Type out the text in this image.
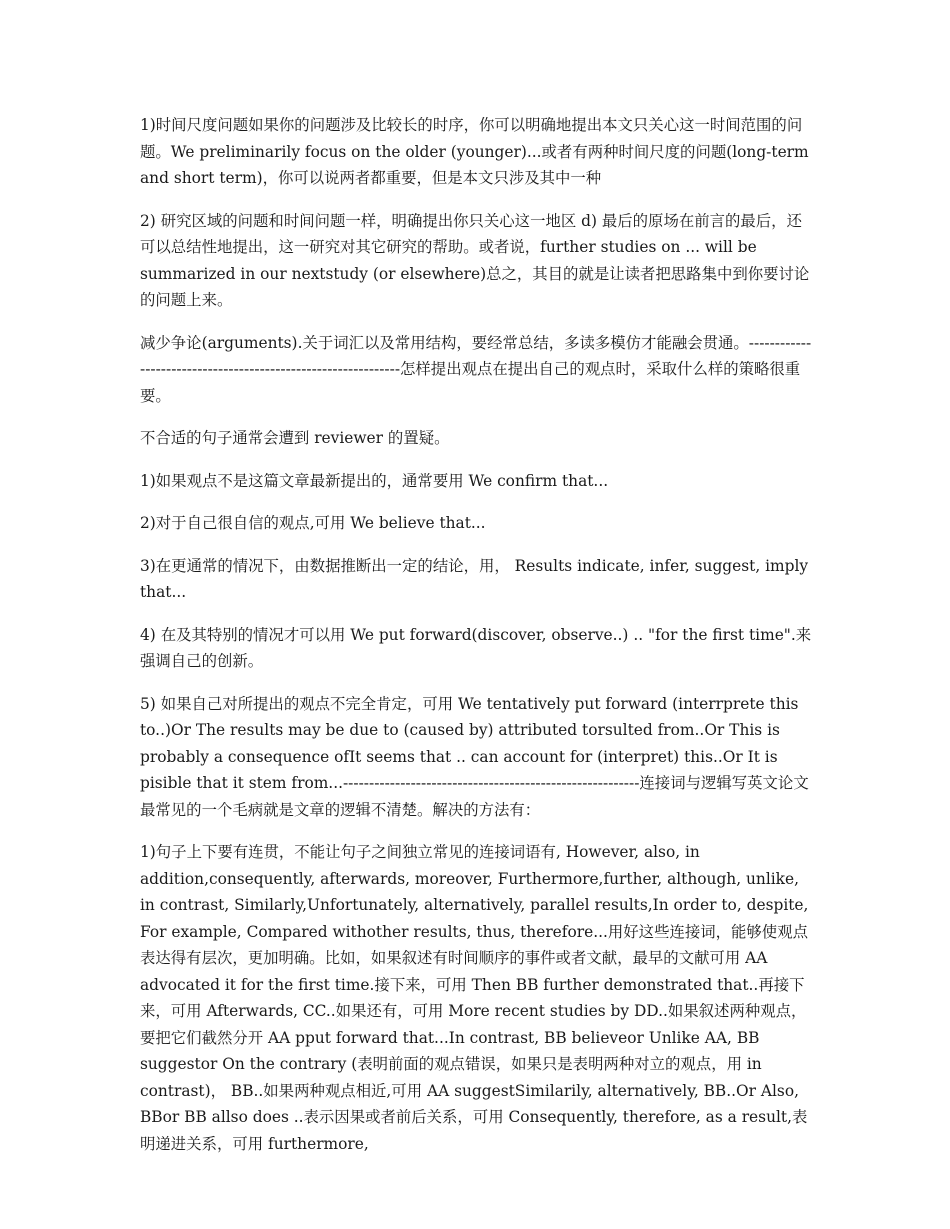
1)时间尺度问题如果你的问题涉及比较长的时序，你可以明确地提出本文只关心这一时间范围的问题。We preliminarily focus on the older (younger)...或者有两种时间尺度的问题(long-term and short term)，你可以说两者都重要，但是本文只涉及其中一种

2) 研究区域的问题和时间问题一样，明确提出你只关心这一地区 d) 最后的原场在前言的最后，还可以总结性地提出，这一研究对其它研究的帮助。或者说，further studies on ... will be summarized in our nextstudy (or elsewhere)总之，其目的就是让读者把思路集中到你要讨论的问题上来。

减少争论(arguments).关于词汇以及常用结构，要经常总结，多读多模仿才能融会贯通。--------------------------------------------------------------怎样提出观点在提出自己的观点时，采取什么样的策略很重要。

不合适的句子通常会遭到 reviewer 的置疑。

1)如果观点不是这篇文章最新提出的，通常要用 We confirm that...

2)对于自己很自信的观点,可用 We believe that...

3)在更通常的情况下，由数据推断出一定的结论，用， Results indicate, infer, suggest, imply that...

4) 在及其特别的情况才可以用 We put forward(discover, observe..) .. "for the first time".来强调自己的创新。

5) 如果自己对所提出的观点不完全肯定，可用 We tentatively put forward (interrprete this to..)Or The results may be due to (caused by) attributed torsulted from..Or This is probably a consequence ofIt seems that .. can account for (interpret) this..Or It is pisible that it stem from...---------------------------------------------------------连接词与逻辑写英文论文最常见的一个毛病就是文章的逻辑不清楚。解决的方法有：

1)句子上下要有连贯，不能让句子之间独立常见的连接词语有, However, also, in addition,consequently, afterwards, moreover, Furthermore,further, although, unlike, in contrast, Similarly,Unfortunately, alternatively, parallel results,In order to, despite, For example, Compared withother results, thus, therefore...用好这些连接词，能够使观点表达得有层次，更加明确。比如，如果叙述有时间顺序的事件或者文献，最早的文献可用 AA advocated it for the first time.接下来，可用 Then BB further demonstrated that..再接下来，可用 Afterwards, CC..如果还有，可用 More recent studies by DD..如果叙述两种观点，要把它们截然分开 AA pput forward that...In contrast, BB believeor Unlike AA, BB suggestor On the contrary (表明前面的观点错误，如果只是表明两种对立的观点，用 in contrast)， BB..如果两种观点相近,可用 AA suggestSimilarily, alternatively, BB..Or Also, BBor BB allso does ..表示因果或者前后关系，可用 Consequently, therefore, as a result,表明递进关系，可用 furthermore,
